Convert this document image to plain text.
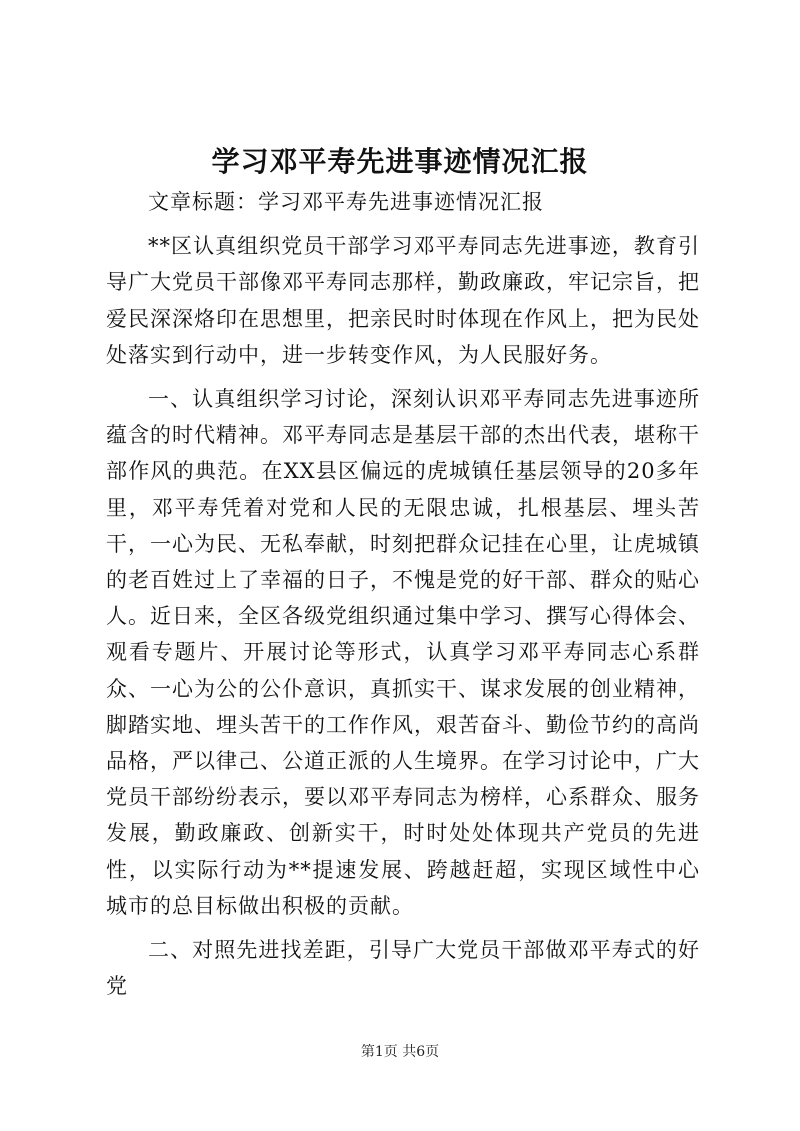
学习邓平寿先进事迹情况汇报

文章标题：学习邓平寿先进事迹情况汇报

**区认真组织党员干部学习邓平寿同志先进事迹，教育引导广大党员干部像邓平寿同志那样，勤政廉政，牢记宗旨，把爱民深深烙印在思想里，把亲民时时体现在作风上，把为民处处落实到行动中，进一步转变作风，为人民服好务。

一、认真组织学习讨论，深刻认识邓平寿同志先进事迹所蕴含的时代精神。邓平寿同志是基层干部的杰出代表，堪称干部作风的典范。在XX县区偏远的虎城镇任基层领导的20多年里，邓平寿凭着对党和人民的无限忠诚，扎根基层、埋头苦干，一心为民、无私奉献，时刻把群众记挂在心里，让虎城镇的老百姓过上了幸福的日子，不愧是党的好干部、群众的贴心人。近日来，全区各级党组织通过集中学习、撰写心得体会、观看专题片、开展讨论等形式，认真学习邓平寿同志心系群众、一心为公的公仆意识，真抓实干、谋求发展的创业精神，脚踏实地、埋头苦干的工作作风，艰苦奋斗、勤俭节约的高尚品格，严以律己、公道正派的人生境界。在学习讨论中，广大党员干部纷纷表示，要以邓平寿同志为榜样，心系群众、服务发展，勤政廉政、创新实干，时时处处体现共产党员的先进性，以实际行动为**提速发展、跨越赶超，实现区域性中心城市的总目标做出积极的贡献。

二、对照先进找差距，引导广大党员干部做邓平寿式的好党

第1页 共6页
